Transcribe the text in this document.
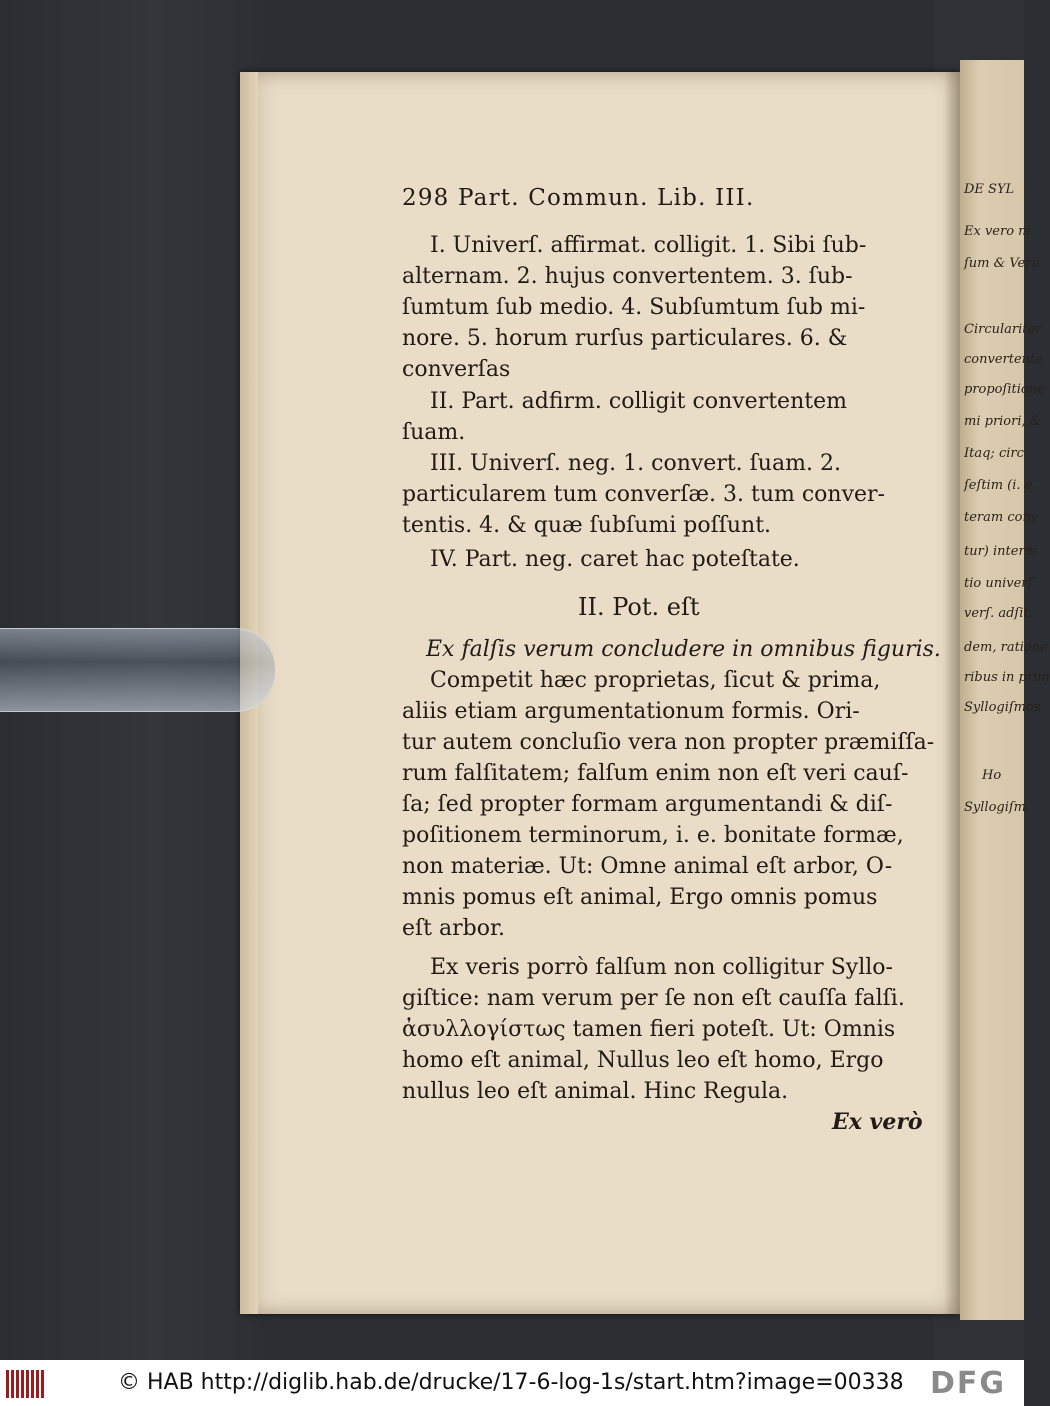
DE SYL
Ex vero ni
ſum & Veru
Circulariter
convertente
propoſitione
mi priori, &
Itaq; circ
ſeſtim (i. e.
teram conv
tur) interm
tio univerſ
verſ. adſit.
dem, ratione
ribus in prim
Syllogiſmos
Ho
Syllogiſm
298 Part. Commun. Lib. III.
I. Univerſ. affirmat. colligit. 1. Sibi ſub-
alternam. 2. hujus convertentem. 3. ſub-
ſumtum ſub medio. 4. Subſumtum ſub mi-
nore. 5. horum rurſus particulares. 6. &
converſas
II. Part. adfirm. colligit convertentem
ſuam.
III. Univerſ. neg. 1. convert. ſuam. 2.
particularem tum converſæ. 3. tum conver-
tentis. 4. & quæ ſubſumi poſſunt.
IV. Part. neg. caret hac poteſtate.
II. Pot. eſt
Ex falſis verum concludere in omnibus figuris.
Competit hæc proprietas, ſicut & prima,
aliis etiam argumentationum formis. Ori-
tur autem concluſio vera non propter præmiſſa-
rum falſitatem; falſum enim non eſt veri cauſ-
ſa; ſed propter formam argumentandi & diſ-
poſitionem terminorum, i. e. bonitate formæ,
non materiæ. Ut: Omne animal eſt arbor, O-
mnis pomus eſt animal, Ergo omnis pomus
eſt arbor.
Ex veris porrò falſum non colligitur Syllo-
giſtice: nam verum per ſe non eſt cauſſa falſi.
ἀσυλλογίστως tamen fieri poteſt. Ut: Omnis
homo eſt animal, Nullus leo eſt homo, Ergo
nullus leo eſt animal. Hinc Regula.
Ex verò
© HAB http://diglib.hab.de/drucke/17-6-log-1s/start.htm?image=00338 DFG
